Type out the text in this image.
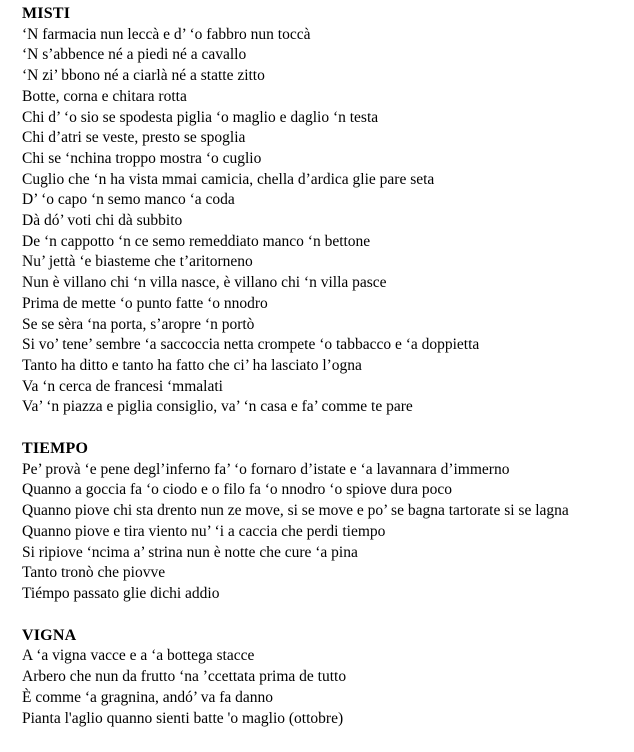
MISTI

‘N farmacia nun leccà e d’ ‘o fabbro nun toccà

‘N s’abbence né a piedi né a cavallo

‘N zi’ bbono né a ciarlà né a statte zitto

Botte, corna e chitara rotta

Chi d’ ‘o sio se spodesta piglia ‘o maglio e daglio ‘n testa

Chi d’atri se veste, presto se spoglia

Chi se ‘nchina troppo mostra ‘o cuglio

Cuglio che ‘n ha vista mmai camicia, chella d’ardica glie pare seta

D’ ‘o capo ‘n semo manco ‘a coda

Dà dó’ voti chi dà subbito

De ‘n cappotto ‘n ce semo remeddiato manco ‘n bettone

Nu’ jettà ‘e biasteme che t’aritorneno

Nun è villano chi ‘n villa nasce, è villano chi ‘n villa pasce

Prima de mette ‘o punto fatte ‘o nnodro

Se se sèra ‘na porta, s’aropre ‘n portò

Si vo’ tene’ sembre ‘a saccoccia netta crompete ‘o tabbacco e ‘a doppietta

Tanto ha ditto e tanto ha fatto che ci’ ha lasciato l’ogna

Va ‘n cerca de francesi ‘mmalati

Va’ ‘n piazza e piglia consiglio, va’ ‘n casa e fa’ comme te pare

TIEMPO

Pe’ provà ‘e pene degl’inferno fa’ ‘o fornaro d’istate e ‘a lavannara d’immerno

Quanno a goccia fa ‘o ciodo e o filo fa ‘o nnodro ‘o spiove dura poco

Quanno piove chi sta drento nun ze move, si se move e po’ se bagna tartorate si se lagna

Quanno piove e tira viento nu’ ‘i a caccia che perdi tiempo

Si ripiove ‘ncima a’ strina nun è notte che cure ‘a pina

Tanto tronò che piovve

Tiémpo passato glie dichi addio

VIGNA

A ‘a vigna vacce e a ‘a bottega stacce

Arbero che nun da frutto ‘na ’ccettata prima de tutto

È comme ‘a gragnina, andó’ va fa danno

Pianta l'aglio quanno sienti batte 'o maglio (ottobre)
